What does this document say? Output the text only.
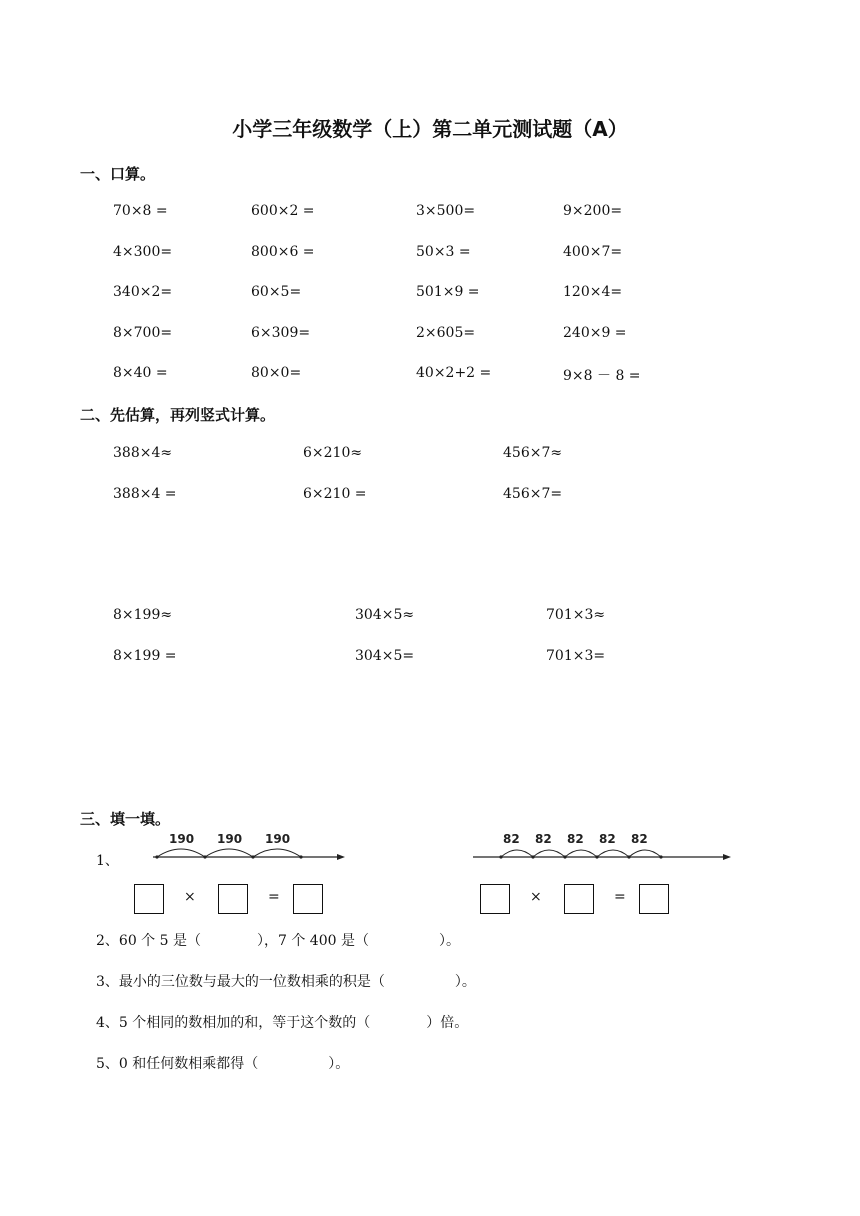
小学三年级数学（上）第二单元测试题（A）
一、口算。
70×8 =	600×2 =	3×500=	9×200=
4×300=	800×6 =	50×3 =	400×7=
340×2=	60×5=	501×9 =	120×4=
8×700=	6×309=	2×605=	240×9 =
8×40 =	80×0=	40×2+2 =	9×8 － 8 =
二、先估算，再列竖式计算。
388×4≈	6×210≈	456×7≈
388×4 =	6×210 =	456×7=
8×199≈	304×5≈	701×3≈
8×199 =	304×5=	701×3=
三、填一填。
1、
190 190 190	82 82 82 82 82
×	=	×	=
2、60 个 5 是（　　　　），7 个 400 是（　　　　　）。
3、最小的三位数与最大的一位数相乘的积是（　　　　　）。
4、5 个相同的数相加的和，等于这个数的（　　　　）倍。
5、0 和任何数相乘都得（　　　　　）。
